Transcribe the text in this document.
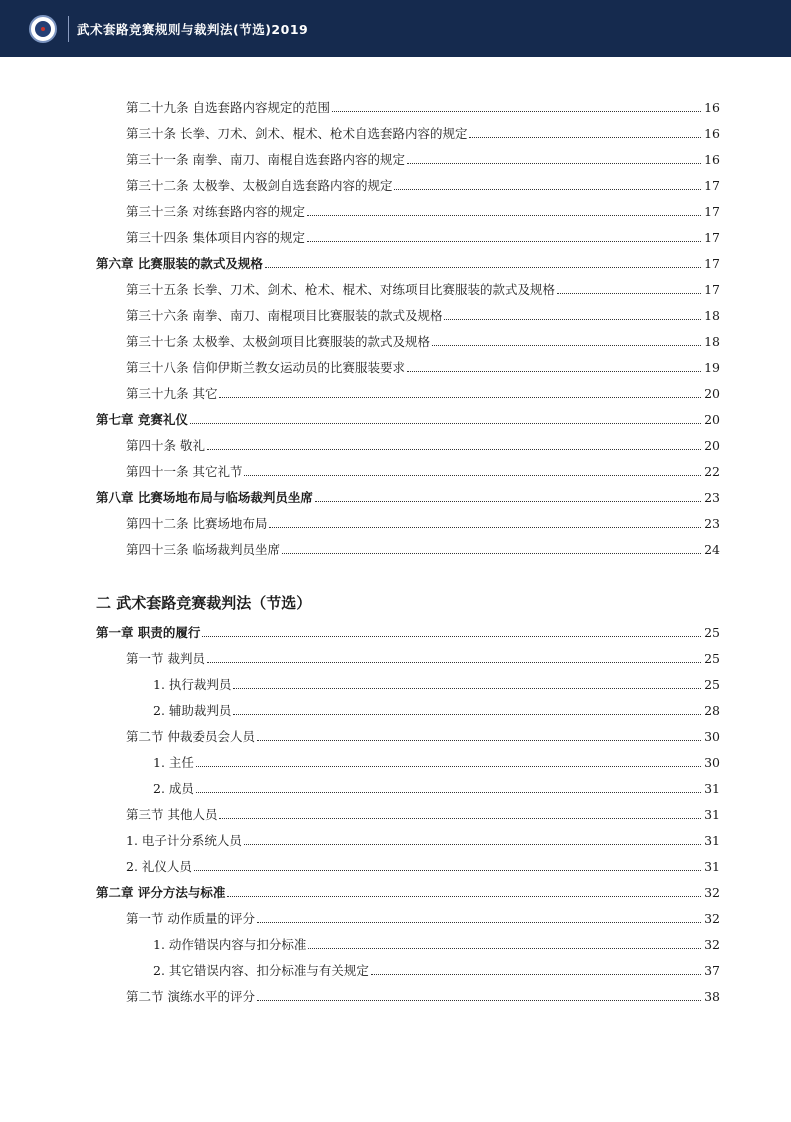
武术套路竞赛规则与裁判法(节选)2019
第二十九条 自选套路内容规定的范围	16
第三十条 长拳、刀术、剑术、棍术、枪术自选套路内容的规定	16
第三十一条 南拳、南刀、南棍自选套路内容的规定	16
第三十二条 太极拳、太极剑自选套路内容的规定	17
第三十三条 对练套路内容的规定	17
第三十四条 集体项目内容的规定	17
第六章 比赛服装的款式及规格	17
第三十五条 长拳、刀术、剑术、枪术、棍术、对练项目比赛服装的款式及规格	17
第三十六条 南拳、南刀、南棍项目比赛服装的款式及规格	18
第三十七条 太极拳、太极剑项目比赛服装的款式及规格	18
第三十八条 信仰伊斯兰教女运动员的比赛服装要求	19
第三十九条 其它	20
第七章 竞赛礼仪	20
第四十条 敬礼	20
第四十一条 其它礼节	22
第八章 比赛场地布局与临场裁判员坐席	23
第四十二条 比赛场地布局	23
第四十三条 临场裁判员坐席	24
二 武术套路竞赛裁判法（节选）
第一章 职责的履行	25
第一节 裁判员	25
1. 执行裁判员	25
2. 辅助裁判员	28
第二节 仲裁委员会人员	30
1. 主任	30
2. 成员	31
第三节 其他人员	31
1. 电子计分系统人员	31
2. 礼仪人员	31
第二章 评分方法与标准	32
第一节 动作质量的评分	32
1. 动作错误内容与扣分标准	32
2. 其它错误内容、扣分标准与有关规定	37
第二节 演练水平的评分	38
